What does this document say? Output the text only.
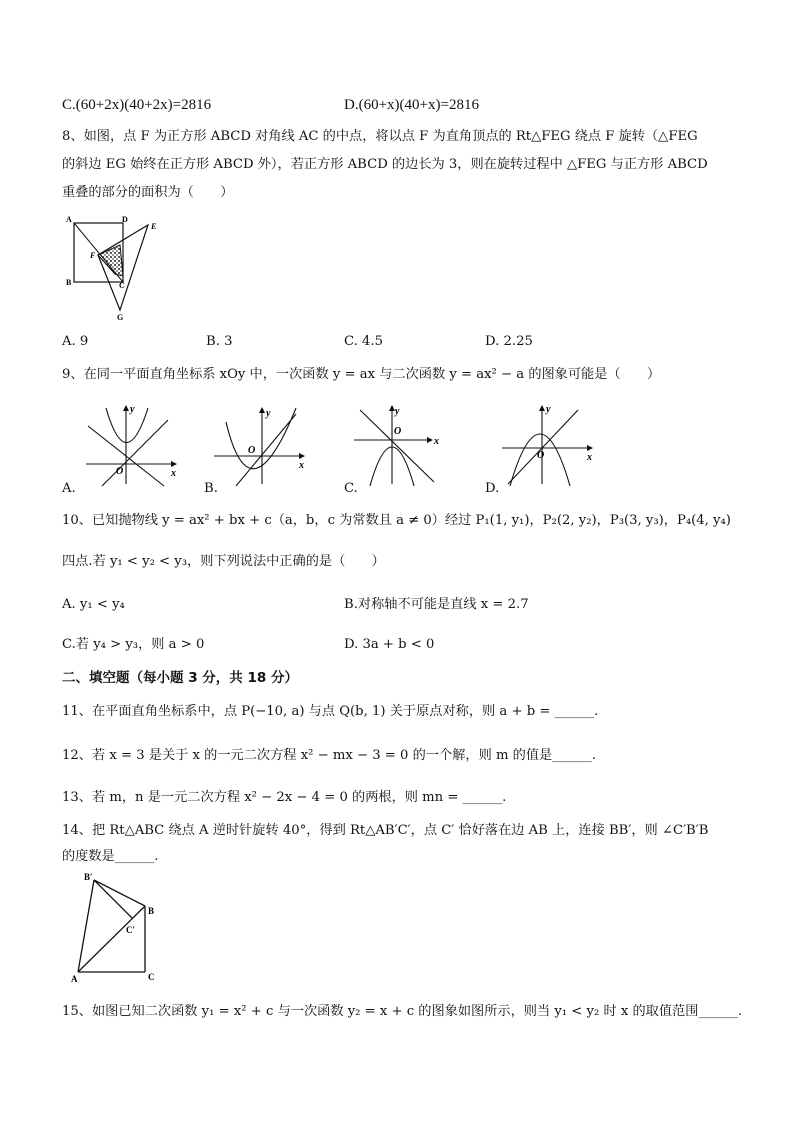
C.(60+2x)(40+2x)=2816	D.(60+x)(40+x)=2816
8、如图，点 F 为正方形 ABCD 对角线 AC 的中点，将以点 F 为直角顶点的 Rt△FEG 绕点 F 旋转（△FEG
的斜边 EG 始终在正方形 ABCD 外），若正方形 ABCD 的边长为 3，则在旋转过程中 △FEG 与正方形 ABCD
重叠的部分的面积为（　　）
A	D
E
F
B	C
G
A. 9	B. 3	C. 4.5	D. 2.25
9、在同一平面直角坐标系 xOy 中，一次函数 y = ax 与二次函数 y = ax² − a 的图象可能是（　　）
y
x
O
A.
y
x
O
B.
y
x
O
C.
y
x
O
D.
10、已知抛物线 y = ax² + bx + c（a，b，c 为常数且 a ≠ 0）经过 P₁(1, y₁)，P₂(2, y₂)，P₃(3, y₃)，P₄(4, y₄)
四点.若 y₁ < y₂ < y₃，则下列说法中正确的是（　　）
A. y₁ < y₄	B.对称轴不可能是直线 x = 2.7
C.若 y₄ > y₃，则 a > 0	D. 3a + b < 0
二、填空题（每小题 3 分，共 18 分）
11、在平面直角坐标系中，点 P(−10, a) 与点 Q(b, 1) 关于原点对称，则 a + b = ______.
12、若 x = 3 是关于 x 的一元二次方程 x² − mx − 3 = 0 的一个解，则 m 的值是______.
13、若 m，n 是一元二次方程 x² − 2x − 4 = 0 的两根，则 mn = ______.
14、把 Rt△ABC 绕点 A 逆时针旋转 40°，得到 Rt△AB′C′，点 C′ 恰好落在边 AB 上，连接 BB′，则 ∠C′B′B
的度数是______.
B′
B
C′
A	C
15、如图已知二次函数 y₁ = x² + c 与一次函数 y₂ = x + c 的图象如图所示，则当 y₁ < y₂ 时 x 的取值范围______.
